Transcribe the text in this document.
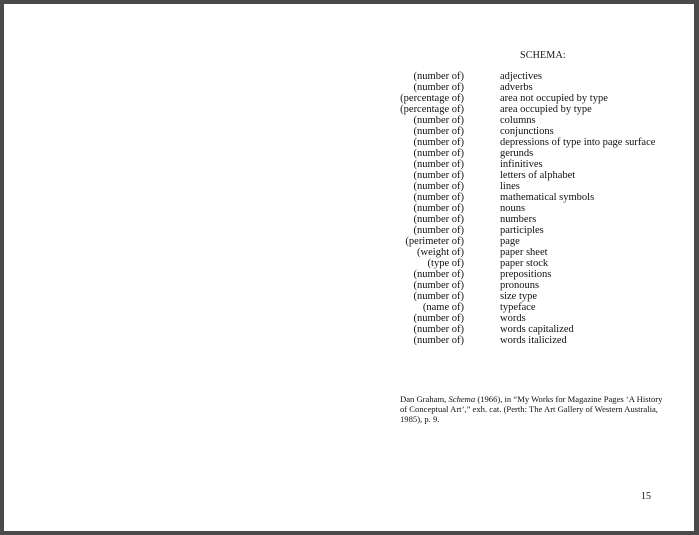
SCHEMA:
(number of)	adjectives
(number of)	adverbs
(percentage of)	area not occupied by type
(percentage of)	area occupied by type
(number of)	columns
(number of)	conjunctions
(number of)	depressions of type into page surface
(number of)	gerunds
(number of)	infinitives
(number of)	letters of alphabet
(number of)	lines
(number of)	mathematical symbols
(number of)	nouns
(number of)	numbers
(number of)	participles
(perimeter of)	page
(weight of)	paper sheet
(type of)	paper stock
(number of)	prepositions
(number of)	pronouns
(number of)	size type
(name of)	typeface
(number of)	words
(number of)	words capitalized
(number of)	words italicized
Dan Graham, Schema (1966), in “My Works for Magazine Pages ‘A History of Conceptual Art’,” exh. cat. (Perth: The Art Gallery of Western Australia, 1985), p. 9.
15
